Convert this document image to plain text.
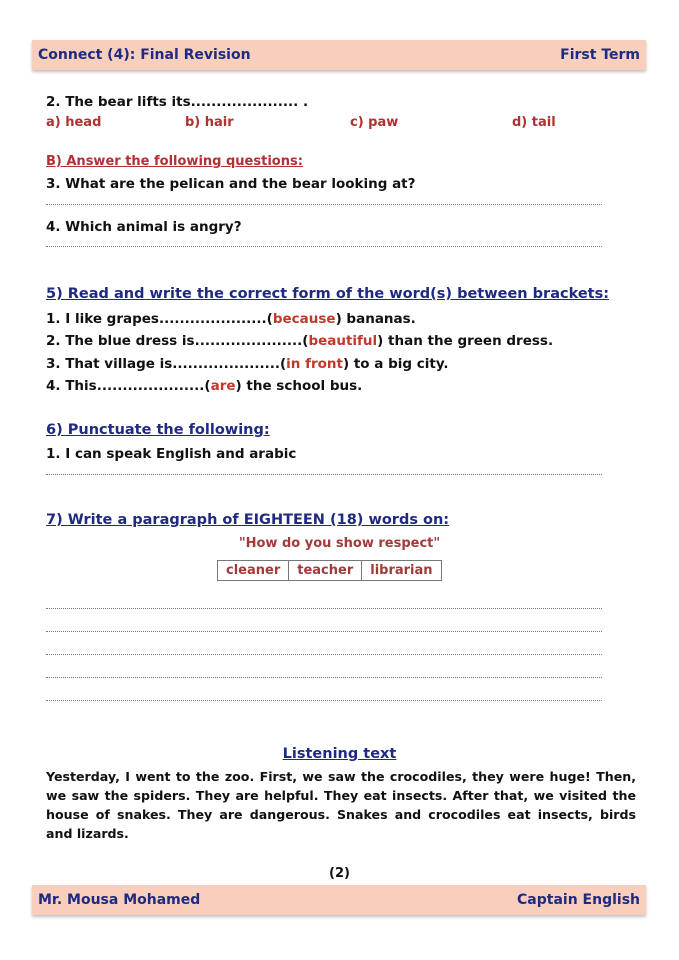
Connect (4): Final Revision	First Term
2. The bear lifts its..................... .
a) head	b) hair	c) paw	d) tail
B) Answer the following questions:
3. What are the pelican and the bear looking at?
4. Which animal is angry?
5) Read and write the correct form of the word(s) between brackets:
1. I like grapes.....................(because) bananas.
2. The blue dress is.....................(beautiful) than the green dress.
3. That village is.....................(in front) to a big city.
4. This.....................(are) the school bus.
6) Punctuate the following:
1. I can speak English and arabic
7) Write a paragraph of EIGHTEEN (18) words on:
"How do you show respect"
cleaner	teacher	librarian
Listening text
Yesterday, I went to the zoo. First, we saw the crocodiles, they were huge! Then, we saw the spiders. They are helpful. They eat insects. After that, we visited the house of snakes. They are dangerous. Snakes and crocodiles eat insects, birds and lizards.
(2)
Mr. Mousa Mohamed	Captain English
